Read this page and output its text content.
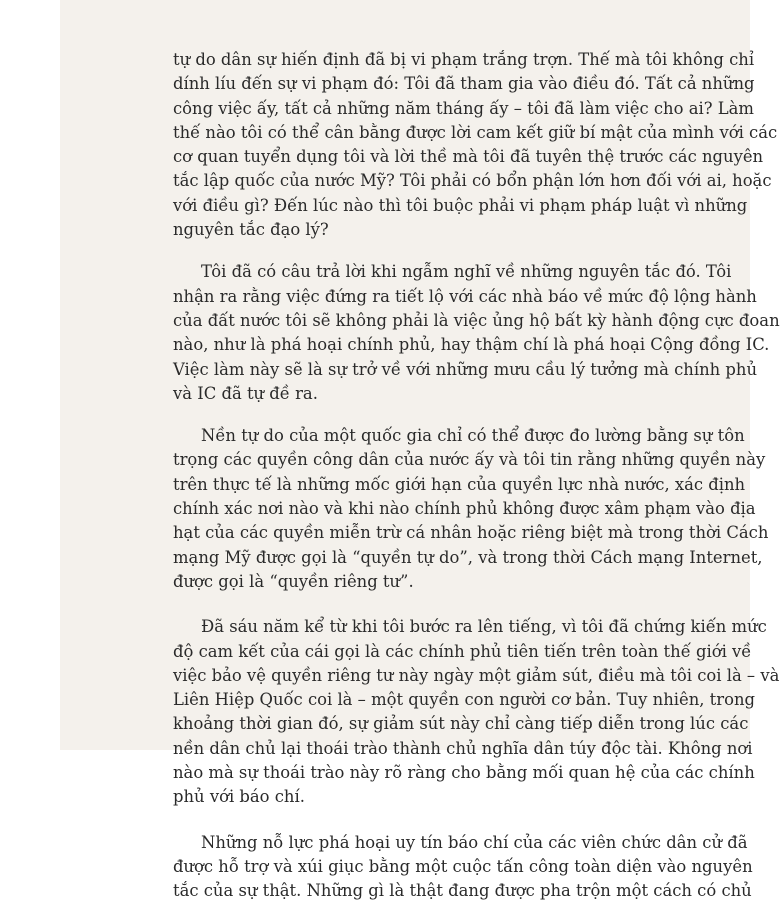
tự do dân sự hiến định đã bị vi phạm trắng trợn. Thế mà tôi không chỉ
dính líu đến sự vi phạm đó: Tôi đã tham gia vào điều đó. Tất cả những
công việc ấy, tất cả những năm tháng ấy – tôi đã làm việc cho ai? Làm
thế nào tôi có thể cân bằng được lời cam kết giữ bí mật của mình với các
cơ quan tuyển dụng tôi và lời thề mà tôi đã tuyên thệ trước các nguyên
tắc lập quốc của nước Mỹ? Tôi phải có bổn phận lớn hơn đối với ai, hoặc
với điều gì? Đến lúc nào thì tôi buộc phải vi phạm pháp luật vì những
nguyên tắc đạo lý?

Tôi đã có câu trả lời khi ngẫm nghĩ về những nguyên tắc đó. Tôi
nhận ra rằng việc đứng ra tiết lộ với các nhà báo về mức độ lộng hành
của đất nước tôi sẽ không phải là việc ủng hộ bất kỳ hành động cực đoan
nào, như là phá hoại chính phủ, hay thậm chí là phá hoại Cộng đồng IC.
Việc làm này sẽ là sự trở về với những mưu cầu lý tưởng mà chính phủ
và IC đã tự đề ra.

Nền tự do của một quốc gia chỉ có thể được đo lường bằng sự tôn
trọng các quyền công dân của nước ấy và tôi tin rằng những quyền này
trên thực tế là những mốc giới hạn của quyền lực nhà nước, xác định
chính xác nơi nào và khi nào chính phủ không được xâm phạm vào địa
hạt của các quyền miễn trừ cá nhân hoặc riêng biệt mà trong thời Cách
mạng Mỹ được gọi là “quyền tự do”, và trong thời Cách mạng Internet,
được gọi là “quyền riêng tư”.

Đã sáu năm kể từ khi tôi bước ra lên tiếng, vì tôi đã chứng kiến mức
độ cam kết của cái gọi là các chính phủ tiên tiến trên toàn thế giới về
việc bảo vệ quyền riêng tư này ngày một giảm sút, điều mà tôi coi là – và
Liên Hiệp Quốc coi là – một quyền con người cơ bản. Tuy nhiên, trong
khoảng thời gian đó, sự giảm sút này chỉ càng tiếp diễn trong lúc các
nền dân chủ lại thoái trào thành chủ nghĩa dân túy độc tài. Không nơi
nào mà sự thoái trào này rõ ràng cho bằng mối quan hệ của các chính
phủ với báo chí.

Những nỗ lực phá hoại uy tín báo chí của các viên chức dân cử đã
được hỗ trợ và xúi giục bằng một cuộc tấn công toàn diện vào nguyên
tắc của sự thật. Những gì là thật đang được pha trộn một cách có chủ
